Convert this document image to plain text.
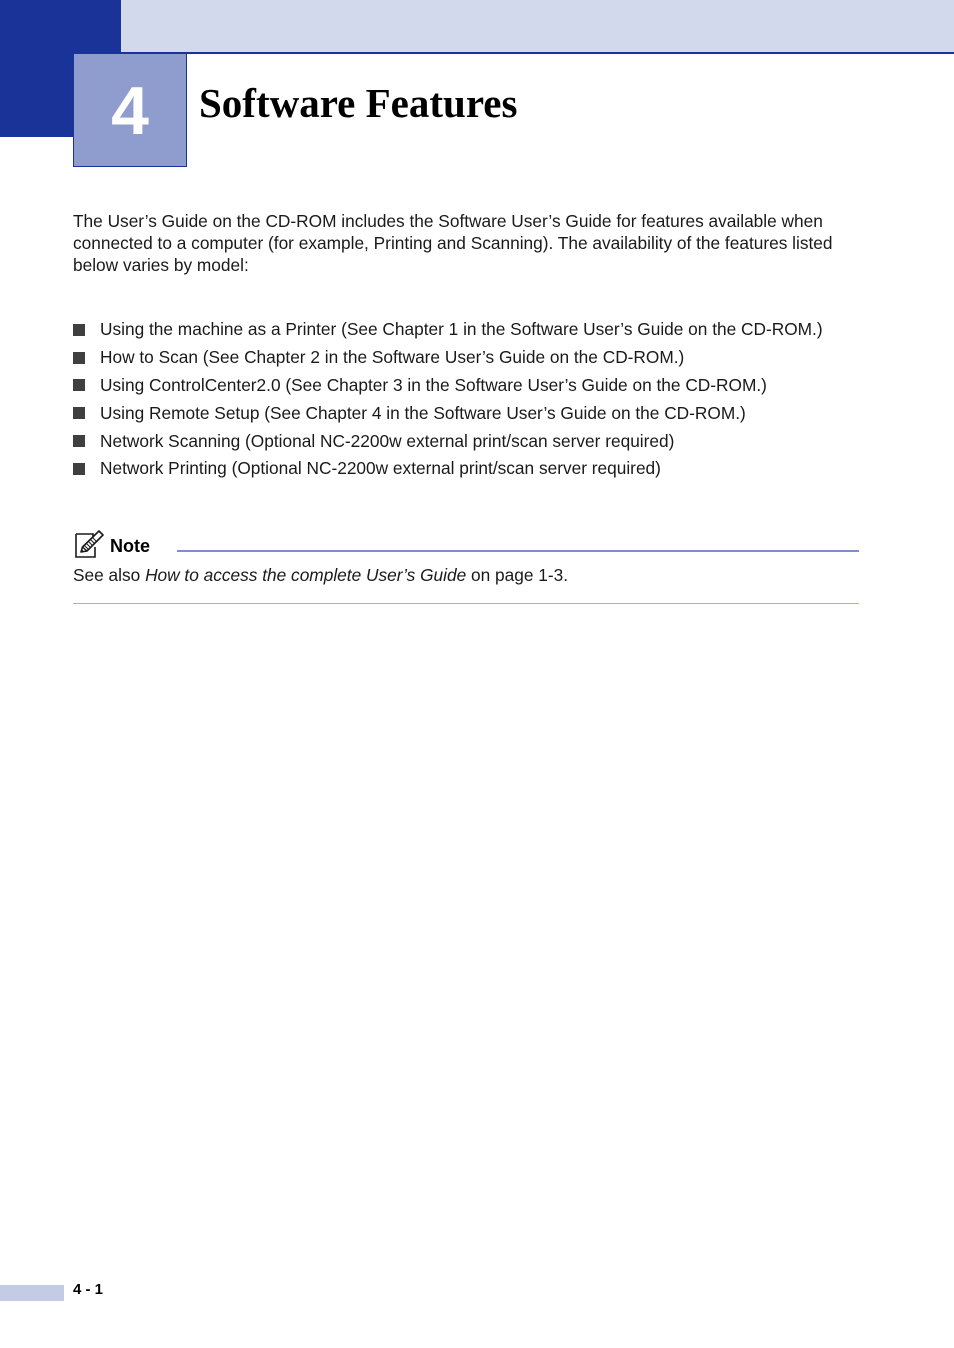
4 Software Features

The User’s Guide on the CD-ROM includes the Software User’s Guide for features available when connected to a computer (for example, Printing and Scanning). The availability of the features listed below varies by model:

Using the machine as a Printer (See Chapter 1 in the Software User’s Guide on the CD-ROM.)
How to Scan (See Chapter 2 in the Software User’s Guide on the CD-ROM.)
Using ControlCenter2.0 (See Chapter 3 in the Software User’s Guide on the CD-ROM.)
Using Remote Setup (See Chapter 4 in the Software User’s Guide on the CD-ROM.)
Network Scanning (Optional NC-2200w external print/scan server required)
Network Printing (Optional NC-2200w external print/scan server required)
Note

See also How to access the complete User’s Guide on page 1-3.

4 - 1
